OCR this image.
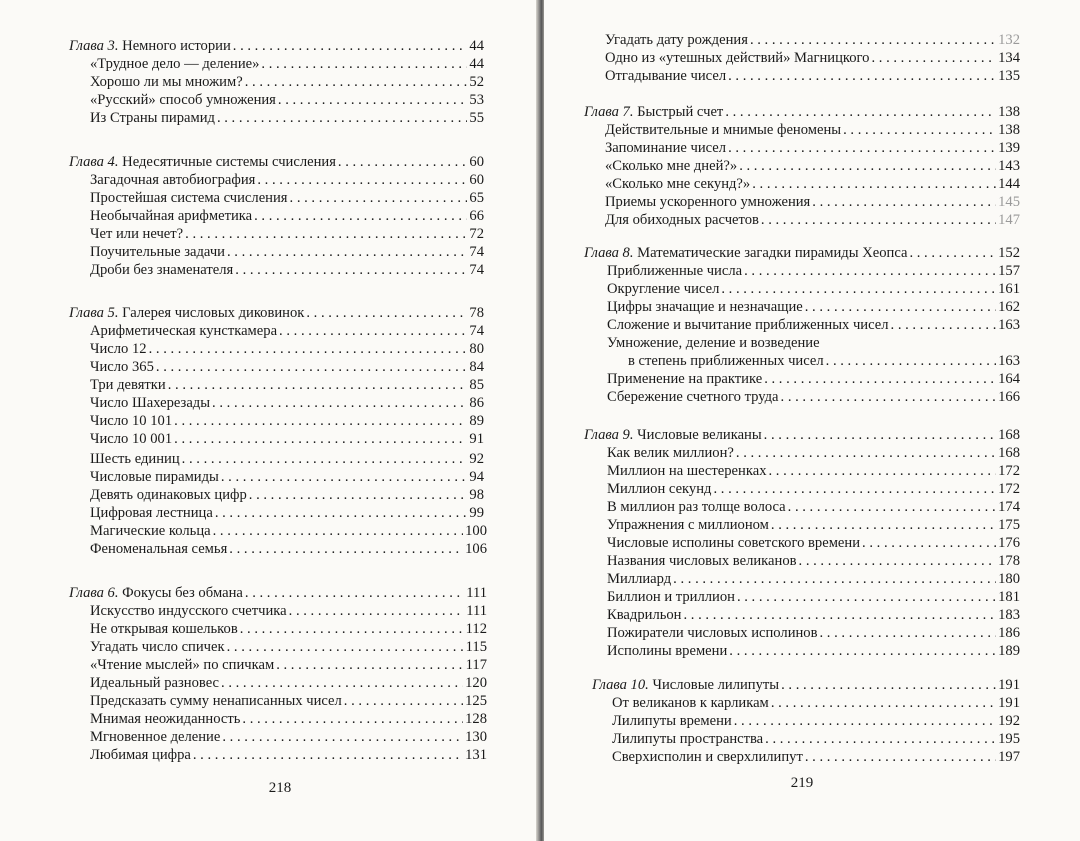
Глава 3. Немного истории . . .	44
«Трудное дело — деление» . . .	44
Хорошо ли мы множим? . . .	52
«Русский» способ умножения . . .	53
Из Страны пирамид . . .	55
Глава 4. Недесятичные системы счисления . . .	60
Загадочная автобиография . . .	60
Простейшая система счисления . . .	65
Необычайная арифметика . . .	66
Чет или нечет? . . .	72
Поучительные задачи . . .	74
Дроби без знаменателя . . .	74
Глава 5. Галерея числовых диковинок . . .	78
Арифметическая кунсткамера . . .	74
Число 12 . . .	80
Число 365 . . .	84
Три девятки . . .	85
Число Шахерезады . . .	86
Число 10 101 . . .	89
Число 10 001 . . .	91
Шесть единиц . . .	92
Числовые пирамиды . . .	94
Девять одинаковых цифр . . .	98
Цифровая лестница . . .	99
Магические кольца . . .	100
Феноменальная семья . . .	106
Глава 6. Фокусы без обмана . . .	111
Искусство индусского счетчика . . .	111
Не открывая кошельков . . .	112
Угадать число спичек . . .	115
«Чтение мыслей» по спичкам . . .	117
Идеальный разновес . . .	120
Предсказать сумму ненаписанных чисел . . .	125
Мнимая неожиданность . . .	128
Мгновенное деление . . .	130
Любимая цифра . . .	131
218
Угадать дату рождения . . .	132
Одно из «утешных действий» Магницкого . . .	134
Отгадывание чисел . . .	135
Глава 7. Быстрый счет . . .	138
Действительные и мнимые феномены . . .	138
Запоминание чисел . . .	139
«Сколько мне дней?» . . .	143
«Сколько мне секунд?» . . .	144
Приемы ускоренного умножения . . .	145
Для обиходных расчетов . . .	147
Глава 8. Математические загадки пирамиды Хеопса . . .	152
Приближенные числа . . .	157
Округление чисел . . .	161
Цифры значащие и незначащие . . .	162
Сложение и вычитание приближенных чисел . . .	163
Умножение, деление и возведение
в степень приближенных чисел . . .	163
Применение на практике . . .	164
Сбережение счетного труда . . .	166
Глава 9. Числовые великаны . . .	168
Как велик миллион? . . .	168
Миллион на шестеренках . . .	172
Миллион секунд . . .	172
В миллион раз толще волоса . . .	174
Упражнения с миллионом . . .	175
Числовые исполины советского времени . . .	176
Названия числовых великанов . . .	178
Миллиард . . .	180
Биллион и триллион . . .	181
Квадрильон . . .	183
Пожиратели числовых исполинов . . .	186
Исполины времени . . .	189
Глава 10. Числовые лилипуты . . .	191
От великанов к карликам . . .	191
Лилипуты времени . . .	192
Лилипуты пространства . . .	195
Сверхисполин и сверхлилипут . . .	197
219
